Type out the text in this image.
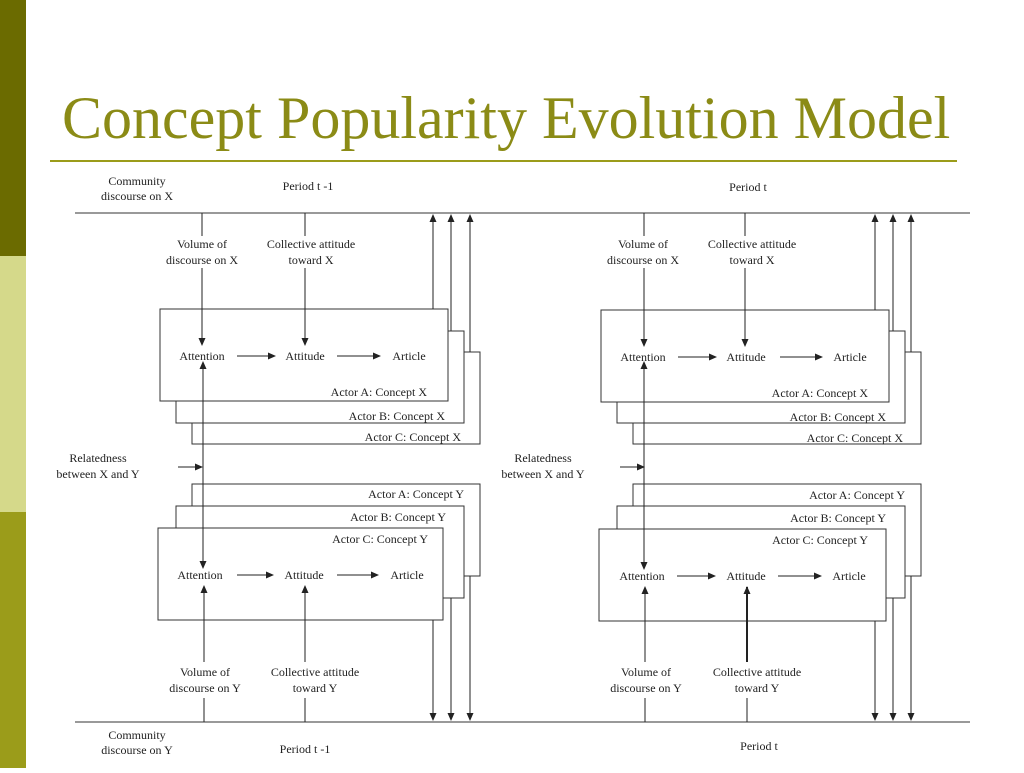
Concept Popularity Evolution Model
Community
discourse on X
Community
discourse on Y
Period t -1
Period t -1
Volume of
discourse on X
Collective attitude
toward X
Actor A: Concept X
Actor B: Concept X
Actor C: Concept X
Attention	Attitude	Article
Relatedness
between X and Y
Actor A: Concept Y
Actor B: Concept Y
Actor C: Concept Y
Attention	Attitude	Article
Volume of
discourse on Y
Collective attitude
toward Y
Period t
Period t
Volume of
discourse on X
Collective attitude
toward X
Actor A: Concept X
Actor B: Concept X
Actor C: Concept X
Attention	Attitude	Article
Relatedness
between X and Y
Actor A: Concept Y
Actor B: Concept Y
Actor C: Concept Y
Attention	Attitude	Article
Volume of
discourse on Y
Collective attitude
toward Y
